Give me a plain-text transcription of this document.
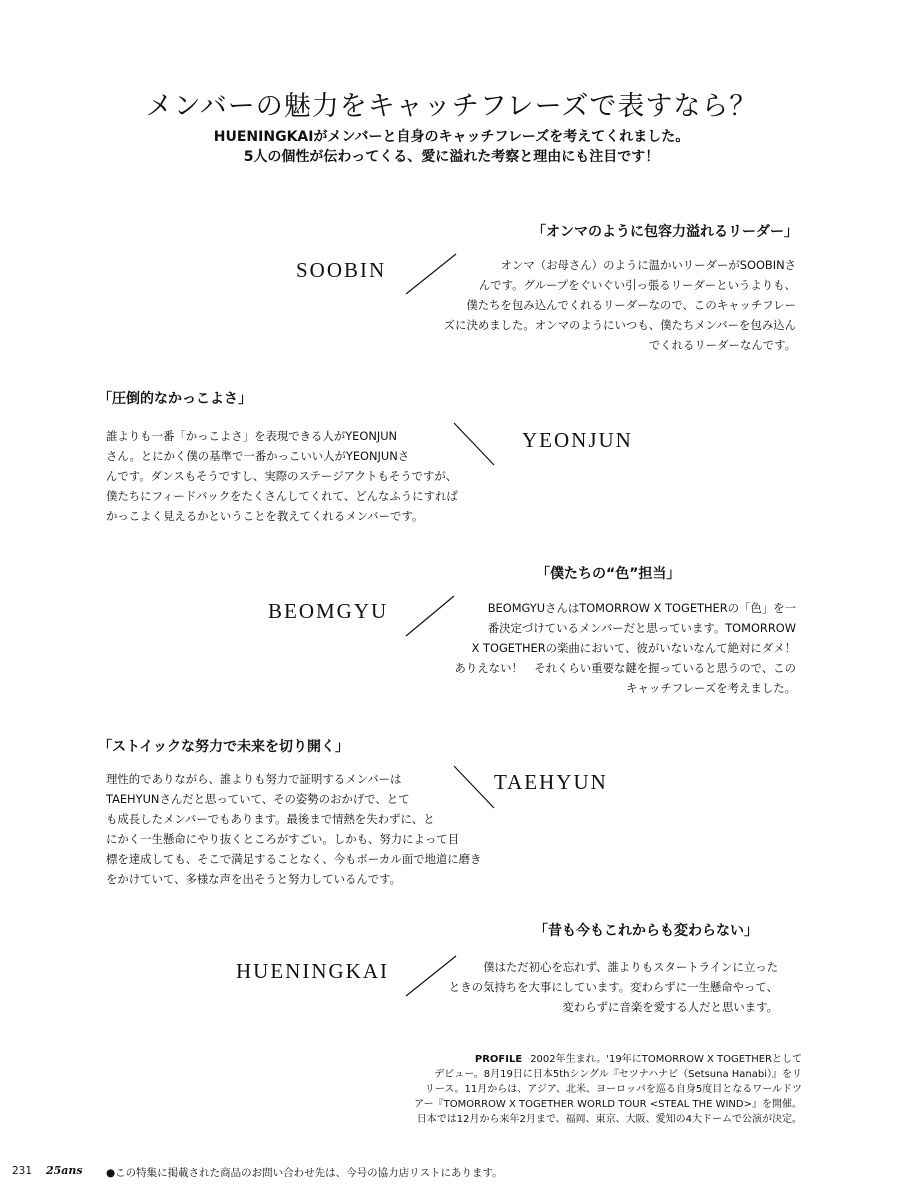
メンバーの魅力をキャッチフレーズで表すなら？
HUENINGKAIがメンバーと自身のキャッチフレーズを考えてくれました。
5人の個性が伝わってくる、愛に溢れた考察と理由にも注目です！
「オンマのように包容力溢れるリーダー」
SOOBIN	オンマ（お母さん）のように温かいリーダーがSOOBINさ
んです。グループをぐいぐい引っ張るリーダーというよりも、
僕たちを包み込んでくれるリーダーなので、このキャッチフレー
ズに決めました。オンマのようにいつも、僕たちメンバーを包み込ん
でくれるリーダーなんです。
「圧倒的なかっこよさ」
誰よりも一番「かっこよさ」を表現できる人がYEONJUN
さん。とにかく僕の基準で一番かっこいい人がYEONJUNさ
んです。ダンスもそうですし、実際のステージアクトもそうですが、
僕たちにフィードバックをたくさんしてくれて、どんなふうにすれば
かっこよく見えるかということを教えてくれるメンバーです。
YEONJUN
「僕たちの“色”担当」
BEOMGYU	BEOMGYUさんはTOMORROW X TOGETHERの「色」を一
番決定づけているメンバーだと思っています。TOMORROW
X TOGETHERの楽曲において、彼がいないなんて絶対にダメ！
ありえない！　それくらい重要な鍵を握っていると思うので、この
キャッチフレーズを考えました。
「ストイックな努力で未来を切り開く」
理性的でありながら、誰よりも努力で証明するメンバーは
TAEHYUNさんだと思っていて、その姿勢のおかげで、とて
も成長したメンバーでもあります。最後まで情熱を失わずに、と
にかく一生懸命にやり抜くところがすごい。しかも、努力によって目
標を達成しても、そこで満足することなく、今もボーカル面で地道に磨き
をかけていて、多様な声を出そうと努力しているんです。
TAEHYUN
「昔も今もこれからも変わらない」
HUENINGKAI	僕はただ初心を忘れず、誰よりもスタートラインに立った
ときの気持ちを大事にしています。変わらずに一生懸命やって、
変わらずに音楽を愛する人だと思います。
PROFILE 2002年生まれ。'19年にTOMORROW X TOGETHERとして
デビュー。8月19日に日本5thシングル『セツナハナビ（Setsuna Hanabi）』をリ
リース。11月からは、アジア、北米、ヨーロッパを巡る自身5度目となるワールドツ
アー『TOMORROW X TOGETHER WORLD TOUR <STEAL THE WIND>』を開催。
日本では12月から来年2月まで、福岡、東京、大阪、愛知の4大ドームで公演が決定。
231 25ans ●この特集に掲載された商品のお問い合わせ先は、今号の協力店リストにあります。
